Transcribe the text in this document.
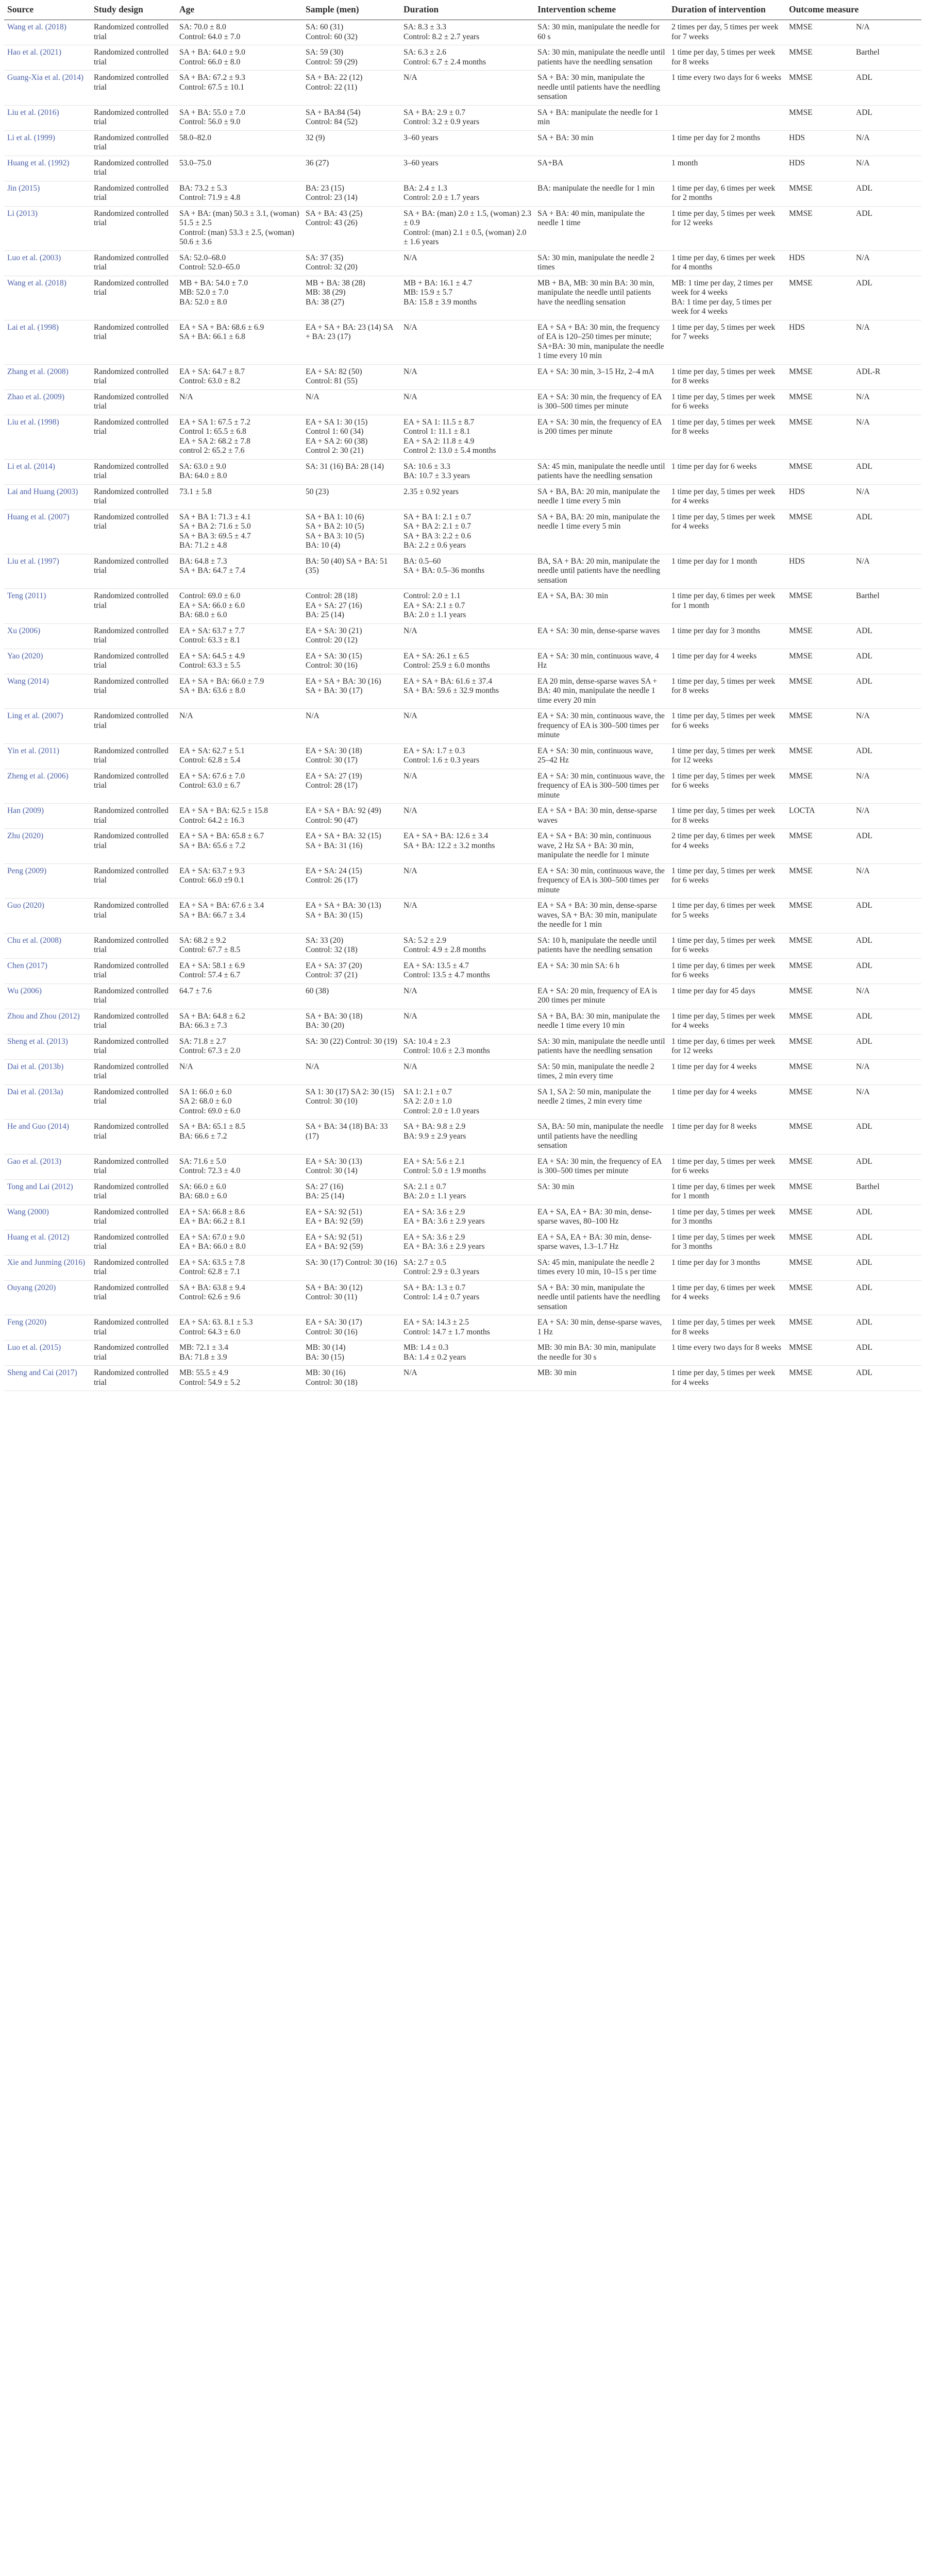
Source	Study design	Age	Sample (men)	Duration	Intervention scheme	Duration of intervention	Outcome measure

Wang et al. (2018)	Randomized controlled trial	SA: 70.0 ± 8.0
Control: 64.0 ± 7.0	SA: 60 (31)
Control: 60 (32)	SA: 8.3 ± 3.3
Control: 8.2 ± 2.7 years	SA: 30 min, manipulate the needle for 60 s	2 times per day, 5 times per week for 7 weeks	MMSE N/A

Hao et al. (2021)	Randomized controlled trial	SA + BA: 64.0 ± 9.0
Control: 66.0 ± 8.0	SA: 59 (30)
Control: 59 (29)	SA: 6.3 ± 2.6
Control: 6.7 ± 2.4 months	SA: 30 min, manipulate the needle until patients have the needling sensation	1 time per day, 5 times per week for 8 weeks	MMSE Barthel

Guang-Xia et al. (2014)	Randomized controlled trial	SA + BA: 67.2 ± 9.3
Control: 67.5 ± 10.1	SA + BA: 22 (12)
Control: 22 (11)	N/A	SA + BA: 30 min, manipulate the needle until patients have the needling sensation	1 time every two days for 6 weeks	MMSE ADL

Liu et al. (2016)	Randomized controlled trial	SA + BA: 55.0 ± 7.0
Control: 56.0 ± 9.0	SA + BA:84 (54)
Control: 84 (52)	SA + BA: 2.9 ± 0.7
Control: 3.2 ± 0.9 years	SA + BA: manipulate the needle for 1 min		MMSE ADL

Li et al. (1999)	Randomized controlled trial	58.0–82.0	32 (9)	3–60 years	SA + BA: 30 min	1 time per day for 2 months	HDS N/A

Huang et al. (1992)	Randomized controlled trial	53.0–75.0	36 (27)	3–60 years	SA+BA	1 month	HDS N/A

Jin (2015)	Randomized controlled trial	BA: 73.2 ± 5.3
Control: 71.9 ± 4.8	BA: 23 (15)
Control: 23 (14)	BA: 2.4 ± 1.3
Control: 2.0 ± 1.7 years	BA: manipulate the needle for 1 min	1 time per day, 6 times per week for 2 months	MMSE ADL

Li (2013)	Randomized controlled trial	SA + BA: (man) 50.3 ± 3.1, (woman) 51.5 ± 2.5
Control: (man) 53.3 ± 2.5, (woman) 50.6 ± 3.6	SA + BA: 43 (25)
Control: 43 (26)	SA + BA: (man) 2.0 ± 1.5, (woman) 2.3 ± 0.9
Control: (man) 2.1 ± 0.5, (woman) 2.0 ± 1.6 years	SA + BA: 40 min, manipulate the needle 1 time	1 time per day, 5 times per week for 12 weeks	MMSE ADL

Luo et al. (2003)	Randomized controlled trial	SA: 52.0–68.0
Control: 52.0–65.0	SA: 37 (35)
Control: 32 (20)	N/A	SA: 30 min, manipulate the needle 2 times	1 time per day, 6 times per week for 4 months	HDS N/A

Wang et al. (2018)	Randomized controlled trial	MB + BA: 54.0 ± 7.0
MB: 52.0 ± 7.0
BA: 52.0 ± 8.0	MB + BA: 38 (28)
MB: 38 (29)
BA: 38 (27)	MB + BA: 16.1 ± 4.7
MB: 15.9 ± 5.7
BA: 15.8 ± 3.9 months	MB + BA, MB: 30 min BA: 30 min, manipulate the needle until patients have the needling sensation	MB: 1 time per day, 2 times per week for 4 weeks
BA: 1 time per day, 5 times per week for 4 weeks	MMSE ADL

Lai et al. (1998)	Randomized controlled trial	EA + SA + BA: 68.6 ± 6.9
SA + BA: 66.1 ± 6.8	EA + SA + BA: 23 (14) SA + BA: 23 (17)	N/A	EA + SA + BA: 30 min, the frequency of EA is 120–250 times per minute; SA+BA: 30 min, manipulate the needle 1 time every 10 min	1 time per day, 5 times per week for 7 weeks	HDS N/A

Zhang et al. (2008)	Randomized controlled trial	EA + SA: 64.7 ± 8.7
Control: 63.0 ± 8.2	EA + SA: 82 (50)
Control: 81 (55)	N/A	EA + SA: 30 min, 3–15 Hz, 2–4 mA	1 time per day, 5 times per week for 8 weeks	MMSE ADL-R

Zhao et al. (2009)	Randomized controlled trial	N/A	N/A	N/A	EA + SA: 30 min, the frequency of EA is 300–500 times per minute	1 time per day, 5 times per week for 6 weeks	MMSE N/A

Liu et al. (1998)	Randomized controlled trial	EA + SA 1: 67.5 ± 7.2
Control 1: 65.5 ± 6.8
EA + SA 2: 68.2 ± 7.8
control 2: 65.2 ± 7.6	EA + SA 1: 30 (15)
Control 1: 60 (34)
EA + SA 2: 60 (38)
Control 2: 30 (21)	EA + SA 1: 11.5 ± 8.7
Control 1: 11.1 ± 8.1
EA + SA 2: 11.8 ± 4.9
Control 2: 13.0 ± 5.4 months	EA + SA: 30 min, the frequency of EA is 200 times per minute	1 time per day, 5 times per week for 8 weeks	MMSE N/A

Li et al. (2014)	Randomized controlled trial	SA: 63.0 ± 9.0
BA: 64.0 ± 8.0	SA: 31 (16) BA: 28 (14)	SA: 10.6 ± 3.3
BA: 10.7 ± 3.3 years	SA: 45 min, manipulate the needle until patients have the needling sensation	1 time per day for 6 weeks	MMSE ADL

Lai and Huang (2003)	Randomized controlled trial	73.1 ± 5.8	50 (23)	2.35 ± 0.92 years	SA + BA, BA: 20 min, manipulate the needle 1 time every 5 min	1 time per day, 5 times per week for 4 weeks	HDS N/A

Huang et al. (2007)	Randomized controlled trial	SA + BA 1: 71.3 ± 4.1
SA + BA 2: 71.6 ± 5.0
SA + BA 3: 69.5 ± 4.7
BA: 71.2 ± 4.8	SA + BA 1: 10 (6)
SA + BA 2: 10 (5)
SA + BA 3: 10 (5)
BA: 10 (4)	SA + BA 1: 2.1 ± 0.7
SA + BA 2: 2.1 ± 0.7
SA + BA 3: 2.2 ± 0.6
BA: 2.2 ± 0.6 years	SA + BA, BA: 20 min, manipulate the needle 1 time every 5 min	1 time per day, 5 times per week for 4 weeks	MMSE ADL

Liu et al. (1997)	Randomized controlled trial	BA: 64.8 ± 7.3
SA + BA: 64.7 ± 7.4	BA: 50 (40) SA + BA: 51 (35)	BA: 0.5–60
SA + BA: 0.5–36 months	BA, SA + BA: 20 min, manipulate the needle until patients have the needling sensation	1 time per day for 1 month	HDS N/A

Teng (2011)	Randomized controlled trial	Control: 69.0 ± 6.0
EA + SA: 66.0 ± 6.0
BA: 68.0 ± 6.0	Control: 28 (18)
EA + SA: 27 (16)
BA: 25 (14)	Control: 2.0 ± 1.1
EA + SA: 2.1 ± 0.7
BA: 2.0 ± 1.1 years	EA + SA, BA: 30 min	1 time per day, 6 times per week for 1 month	MMSE Barthel

Xu (2006)	Randomized controlled trial	EA + SA: 63.7 ± 7.7
Control: 63.3 ± 8.1	EA + SA: 30 (21)
Control: 20 (12)	N/A	EA + SA: 30 min, dense-sparse waves	1 time per day for 3 months	MMSE ADL

Yao (2020)	Randomized controlled trial	EA + SA: 64.5 ± 4.9
Control: 63.3 ± 5.5	EA + SA: 30 (15)
Control: 30 (16)	EA + SA: 26.1 ± 6.5
Control: 25.9 ± 6.0 months	EA + SA: 30 min, continuous wave, 4 Hz	1 time per day for 4 weeks	MMSE ADL

Wang (2014)	Randomized controlled trial	EA + SA + BA: 66.0 ± 7.9
SA + BA: 63.6 ± 8.0	EA + SA + BA: 30 (16)
SA + BA: 30 (17)	EA + SA + BA: 61.6 ± 37.4
SA + BA: 59.6 ± 32.9 months	EA 20 min, dense-sparse waves SA + BA: 40 min, manipulate the needle 1 time every 20 min	1 time per day, 5 times per week for 8 weeks	MMSE ADL

Ling et al. (2007)	Randomized controlled trial	N/A	N/A	N/A	EA + SA: 30 min, continuous wave, the frequency of EA is 300–500 times per minute	1 time per day, 5 times per week for 6 weeks	MMSE N/A

Yin et al. (2011)	Randomized controlled trial	EA + SA: 62.7 ± 5.1
Control: 62.8 ± 5.4	EA + SA: 30 (18)
Control: 30 (17)	EA + SA: 1.7 ± 0.3
Control: 1.6 ± 0.3 years	EA + SA: 30 min, continuous wave, 25–42 Hz	1 time per day, 5 times per week for 12 weeks	MMSE ADL

Zheng et al. (2006)	Randomized controlled trial	EA + SA: 67.6 ± 7.0
Control: 63.0 ± 6.7	EA + SA: 27 (19)
Control: 28 (17)	N/A	EA + SA: 30 min, continuous wave, the frequency of EA is 300–500 times per minute	1 time per day, 5 times per week for 6 weeks	MMSE N/A

Han (2009)	Randomized controlled trial	EA + SA + BA: 62.5 ± 15.8
Control: 64.2 ± 16.3	EA + SA + BA: 92 (49)
Control: 90 (47)	N/A	EA + SA + BA: 30 min, dense-sparse waves	1 time per day, 5 times per week for 8 weeks	LOCTA N/A

Zhu (2020)	Randomized controlled trial	EA + SA + BA: 65.8 ± 6.7
SA + BA: 65.6 ± 7.2	EA + SA + BA: 32 (15)
SA + BA: 31 (16)	EA + SA + BA: 12.6 ± 3.4
SA + BA: 12.2 ± 3.2 months	EA + SA + BA: 30 min, continuous wave, 2 Hz SA + BA: 30 min, manipulate the needle for 1 minute	2 time per day, 6 times per week for 4 weeks	MMSE ADL

Peng (2009)	Randomized controlled trial	EA + SA: 63.7 ± 9.3
Control: 66.0 ±9 0.1	EA + SA: 24 (15)
Control: 26 (17)	N/A	EA + SA: 30 min, continuous wave, the frequency of EA is 300–500 times per minute	1 time per day, 5 times per week for 6 weeks	MMSE N/A

Guo (2020)	Randomized controlled trial	EA + SA + BA: 67.6 ± 3.4
SA + BA: 66.7 ± 3.4	EA + SA + BA: 30 (13)
SA + BA: 30 (15)	N/A	EA + SA + BA: 30 min, dense-sparse waves, SA + BA: 30 min, manipulate the needle for 1 min	1 time per day, 6 times per week for 5 weeks	MMSE ADL

Chu et al. (2008)	Randomized controlled trial	SA: 68.2 ± 9.2
Control: 67.7 ± 8.5	SA: 33 (20)
Control: 32 (18)	SA: 5.2 ± 2.9
Control: 4.9 ± 2.8 months	SA: 10 h, manipulate the needle until patients have the needling sensation	1 time per day, 5 times per week for 6 weeks	MMSE ADL

Chen (2017)	Randomized controlled trial	EA + SA: 58.1 ± 6.9
Control: 57.4 ± 6.7	EA + SA: 37 (20)
Control: 37 (21)	EA + SA: 13.5 ± 4.7
Control: 13.5 ± 4.7 months	EA + SA: 30 min SA: 6 h	1 time per day, 6 times per week for 6 weeks	MMSE ADL

Wu (2006)	Randomized controlled trial	64.7 ± 7.6	60 (38)	N/A	EA + SA: 20 min, frequency of EA is 200 times per minute	1 time per day for 45 days	MMSE N/A

Zhou and Zhou (2012)	Randomized controlled trial	SA + BA: 64.8 ± 6.2
BA: 66.3 ± 7.3	SA + BA: 30 (18)
BA: 30 (20)	N/A	SA + BA, BA: 30 min, manipulate the needle 1 time every 10 min	1 time per day, 5 times per week for 4 weeks	MMSE ADL

Sheng et al. (2013)	Randomized controlled trial	SA: 71.8 ± 2.7
Control: 67.3 ± 2.0	SA: 30 (22) Control: 30 (19)	SA: 10.4 ± 2.3
Control: 10.6 ± 2.3 months	SA: 30 min, manipulate the needle until patients have the needling sensation	1 time per day, 6 times per week for 12 weeks	MMSE ADL

Dai et al. (2013b)	Randomized controlled trial	N/A	N/A	N/A	SA: 50 min, manipulate the needle 2 times, 2 min every time	1 time per day for 4 weeks	MMSE N/A

Dai et al. (2013a)	Randomized controlled trial	SA 1: 66.0 ± 6.0
SA 2: 68.0 ± 6.0
Control: 69.0 ± 6.0	SA 1: 30 (17) SA 2: 30 (15) Control: 30 (10)	SA 1: 2.1 ± 0.7
SA 2: 2.0 ± 1.0
Control: 2.0 ± 1.0 years	SA 1, SA 2: 50 min, manipulate the needle 2 times, 2 min every time	1 time per day for 4 weeks	MMSE N/A

He and Guo (2014)	Randomized controlled trial	SA + BA: 65.1 ± 8.5
BA: 66.6 ± 7.2	SA + BA: 34 (18) BA: 33 (17)	SA + BA: 9.8 ± 2.9
BA: 9.9 ± 2.9 years	SA, BA: 50 min, manipulate the needle until patients have the needling sensation	1 time per day for 8 weeks	MMSE ADL

Gao et al. (2013)	Randomized controlled trial	SA: 71.6 ± 5.0
Control: 72.3 ± 4.0	EA + SA: 30 (13)
Control: 30 (14)	EA + SA: 5.6 ± 2.1
Control: 5.0 ± 1.9 months	EA + SA: 30 min, the frequency of EA is 300–500 times per minute	1 time per day, 5 times per week for 6 weeks	MMSE ADL

Tong and Lai (2012)	Randomized controlled trial	SA: 66.0 ± 6.0
BA: 68.0 ± 6.0	SA: 27 (16)
BA: 25 (14)	SA: 2.1 ± 0.7
BA: 2.0 ± 1.1 years	SA: 30 min	1 time per day, 6 times per week for 1 month	MMSE Barthel

Wang (2000)	Randomized controlled trial	EA + SA: 66.8 ± 8.6
EA + BA: 66.2 ± 8.1	EA + SA: 92 (51)
EA + BA: 92 (59)	EA + SA: 3.6 ± 2.9
EA + BA: 3.6 ± 2.9 years	EA + SA, EA + BA: 30 min, dense-sparse waves, 80–100 Hz	1 time per day, 5 times per week for 3 months	MMSE ADL

Huang et al. (2012)	Randomized controlled trial	EA + SA: 67.0 ± 9.0
EA + BA: 66.0 ± 8.0	EA + SA: 92 (51)
EA + BA: 92 (59)	EA + SA: 3.6 ± 2.9
EA + BA: 3.6 ± 2.9 years	EA + SA, EA + BA: 30 min, dense-sparse waves, 1.3–1.7 Hz	1 time per day, 5 times per week for 3 months	MMSE ADL

Xie and Junming (2016)	Randomized controlled trial	EA + SA: 63.5 ± 7.8
Control: 62.8 ± 7.1	SA: 30 (17) Control: 30 (16)	SA: 2.7 ± 0.5
Control: 2.9 ± 0.3 years	SA: 45 min, manipulate the needle 2 times every 10 min, 10–15 s per time	1 time per day for 3 months	MMSE ADL

Ouyang (2020)	Randomized controlled trial	SA + BA: 63.8 ± 9.4
Control: 62.6 ± 9.6	SA + BA: 30 (12)
Control: 30 (11)	SA + BA: 1.3 ± 0.7
Control: 1.4 ± 0.7 years	SA + BA: 30 min, manipulate the needle until patients have the needling sensation	1 time per day, 6 times per week for 4 weeks	MMSE ADL

Feng (2020)	Randomized controlled trial	EA + SA: 63. 8.1 ± 5.3
Control: 64.3 ± 6.0	EA + SA: 30 (17)
Control: 30 (16)	EA + SA: 14.3 ± 2.5
Control: 14.7 ± 1.7 months	EA + SA: 30 min, dense-sparse waves, 1 Hz	1 time per day, 5 times per week for 8 weeks	MMSE ADL

Luo et al. (2015)	Randomized controlled trial	MB: 72.1 ± 3.4
BA: 71.8 ± 3.9	MB: 30 (14)
BA: 30 (15)	MB: 1.4 ± 0.3
BA: 1.4 ± 0.2 years	MB: 30 min BA: 30 min, manipulate the needle for 30 s	1 time every two days for 8 weeks	MMSE ADL

Sheng and Cai (2017)	Randomized controlled trial	MB: 55.5 ± 4.9
Control: 54.9 ± 5.2	MB: 30 (16)
Control: 30 (18)	N/A	MB: 30 min	1 time per day, 5 times per week for 4 weeks	MMSE ADL
